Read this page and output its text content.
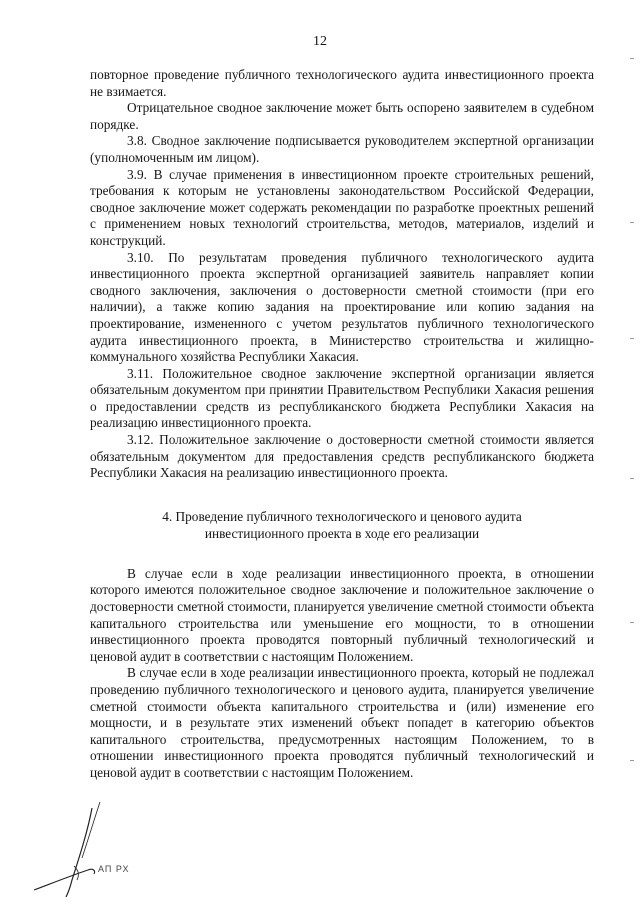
12

повторное проведение публичного технологического аудита инвестиционного проекта не взимается.

Отрицательное сводное заключение может быть оспорено заявителем в судебном порядке.

3.8. Сводное заключение подписывается руководителем экспертной организации (уполномоченным им лицом).

3.9. В случае применения в инвестиционном проекте строительных решений, требования к которым не установлены законодательством Российской Федерации, сводное заключение может содержать рекомендации по разработке проектных решений с применением новых технологий строительства, методов, материалов, изделий и конструкций.

3.10. По результатам проведения публичного технологического аудита инвестиционного проекта экспертной организацией заявитель направляет копии сводного заключения, заключения о достоверности сметной стоимости (при его наличии), а также копию задания на проектирование или копию задания на проектирование, измененного с учетом результатов публичного технологического аудита инвестиционного проекта, в Министерство строительства и жилищно-коммунального хозяйства Республики Хакасия.

3.11. Положительное сводное заключение экспертной организации является обязательным документом при принятии Правительством Республики Хакасия решения о предоставлении средств из республиканского бюджета Республики Хакасия на реализацию инвестиционного проекта.

3.12. Положительное заключение о достоверности сметной стоимости является обязательным документом для предоставления средств республиканского бюджета Республики Хакасия на реализацию инвестиционного проекта.

4. Проведение публичного технологического и ценового аудита
инвестиционного проекта в ходе его реализации

В случае если в ходе реализации инвестиционного проекта, в отношении которого имеются положительное сводное заключение и положительное заключение о достоверности сметной стоимости, планируется увеличение сметной стоимости объекта капитального строительства или уменьшение его мощности, то в отношении инвестиционного проекта проводятся повторный публичный технологический и ценовой аудит в соответствии с настоящим Положением.

В случае если в ходе реализации инвестиционного проекта, который не подлежал проведению публичного технологического и ценового аудита, планируется увеличение сметной стоимости объекта капитального строительства и (или) изменение его мощности, и в результате этих изменений объект попадет в категорию объектов капитального строительства, предусмотренных настоящим Положением, то в отношении инвестиционного проекта проводятся публичный технологический и ценовой аудит в соответствии с настоящим Положением.

АП РХ
